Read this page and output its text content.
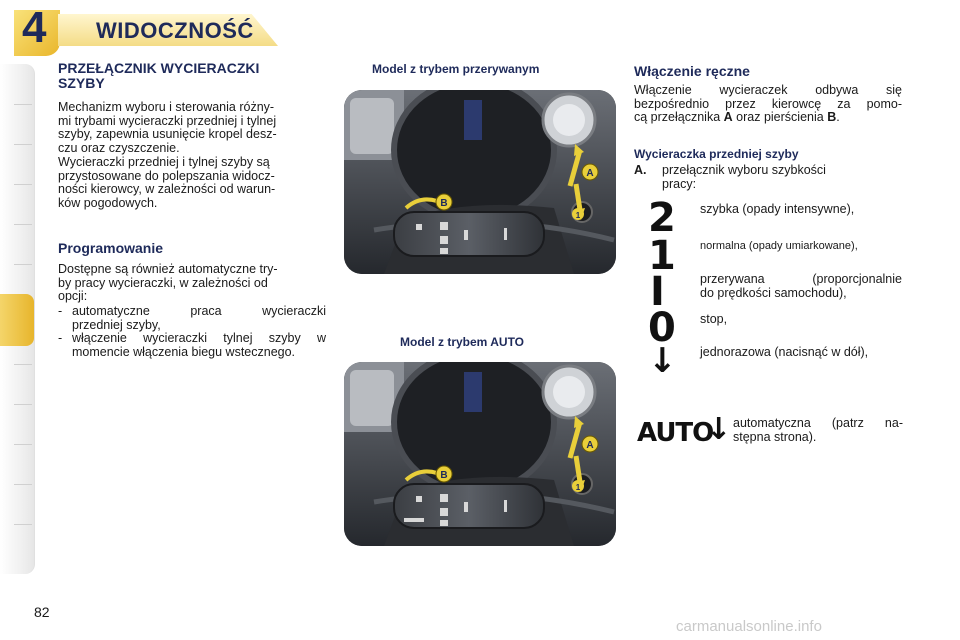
4 WIDOCZNOŚĆ
PRZEŁĄCZNIK WYCIERACZKI
SZYBY
Mechanizm wyboru i sterowania różny-
mi trybami wycieraczki przedniej i tylnej
szyby, zapewnia usunięcie kropel desz-
czu oraz czyszczenie.
Wycieraczki przedniej i tylnej szyby są
przystosowane do polepszania widocz-
ności kierowcy, w zależności od warun-
ków pogodowych.
Programowanie
Dostępne są również automatyczne try-
by pracy wycieraczki, w zależności od
opcji:
- automatyczne praca wycieraczki
przedniej szyby,
- włączenie wycieraczki tylnej szyby w
momencie włączenia biegu wstecznego.
Model z trybem przerywanym
A
B
1
Model z trybem AUTO
A
B
1
Włączenie ręczne
Włączenie wycieraczek odbywa się
bezpośrednio przez kierowcę za pomo-
cą przełącznika A oraz pierścienia B.
Wycieraczka przedniej szyby
A. przełącznik wyboru szybkości
pracy:
2 szybka (opady intensywne),
1 normalna (opady umiarkowane),
I	przerywana (proporcjonalnie
do prędkości samochodu),
0 stop,
↓ jednorazowa (nacisnąć w dół),
AUTO
↓ automatyczna (patrz na-
stępna strona).
82
carmanualsonline.info
